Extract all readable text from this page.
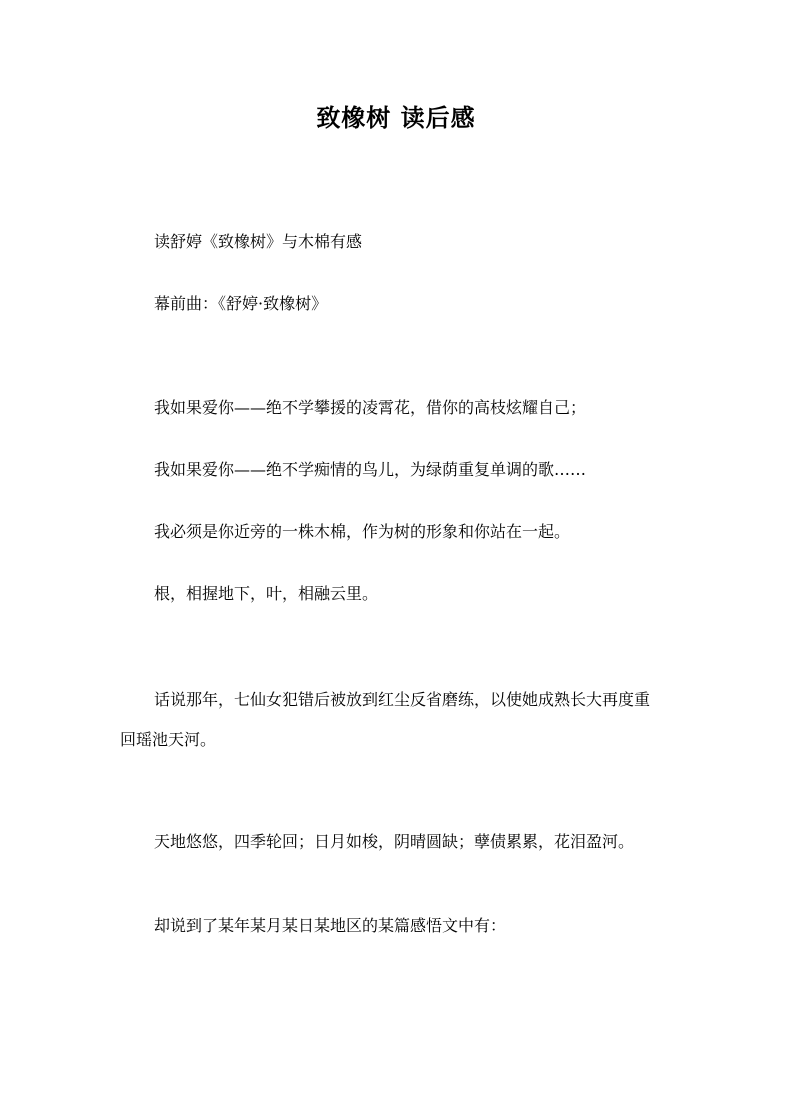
致橡树 读后感
读舒婷《致橡树》与木棉有感
幕前曲：《舒婷·致橡树》
我如果爱你——绝不学攀援的凌霄花，借你的高枝炫耀自己；
我如果爱你——绝不学痴情的鸟儿，为绿荫重复单调的歌……
我必须是你近旁的一株木棉，作为树的形象和你站在一起。
根，相握地下，叶，相融云里。
话说那年，七仙女犯错后被放到红尘反省磨练，以使她成熟长大再度重回瑶池天河。
天地悠悠，四季轮回；日月如梭，阴晴圆缺；孽债累累，花泪盈河。
却说到了某年某月某日某地区的某篇感悟文中有：
